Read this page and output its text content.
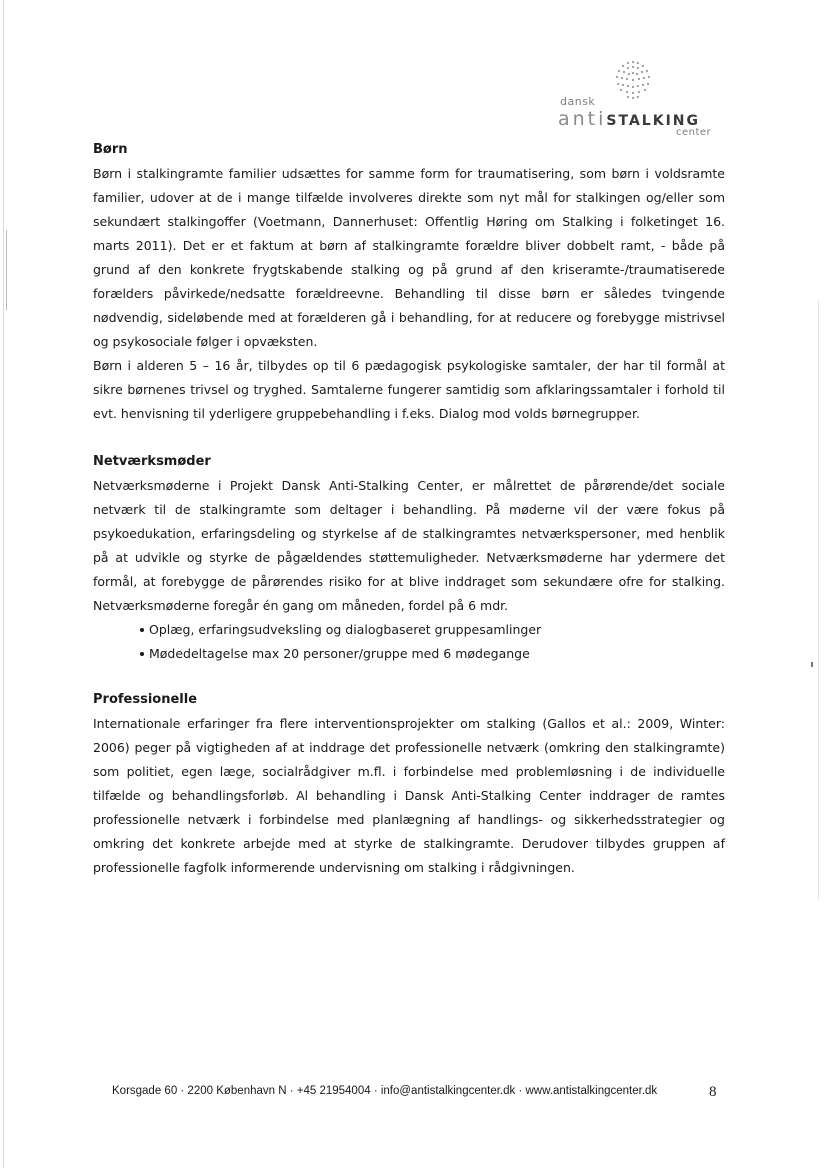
dansk
antiSTALKING
center
Børn

Børn i stalkingramte familier udsættes for samme form for traumatisering, som børn i voldsramte familier, udover at de i mange tilfælde involveres direkte som nyt mål for stalkingen og/eller som sekundært stalkingoffer (Voetmann, Dannerhuset: Offentlig Høring om Stalking i folketinget 16. marts 2011). Det er et faktum at børn af stalkingramte forældre bliver dobbelt ramt, - både på grund af den konkrete frygtskabende stalking og på grund af den kriseramte-/traumatiserede forælders påvirkede/nedsatte forældreevne. Behandling til disse børn er således tvingende nødvendig, sideløbende med at forælderen gå i behandling, for at reducere og forebygge mistrivsel og psykosociale følger i opvæksten.

Børn i alderen 5 – 16 år, tilbydes op til 6 pædagogisk psykologiske samtaler, der har til formål at sikre børnenes trivsel og tryghed. Samtalerne fungerer samtidig som afklaringssamtaler i forhold til evt. henvisning til yderligere gruppebehandling i f.eks. Dialog mod volds børnegrupper.

Netværksmøder

Netværksmøderne i Projekt Dansk Anti-Stalking Center, er målrettet de pårørende/det sociale netværk til de stalkingramte som deltager i behandling. På møderne vil der være fokus på psykoedukation, erfaringsdeling og styrkelse af de stalkingramtes netværkspersoner, med henblik på at udvikle og styrke de pågældendes støttemuligheder. Netværksmøderne har ydermere det formål, at forebygge de pårørendes risiko for at blive inddraget som sekundære ofre for stalking. Netværksmøderne foregår én gang om måneden, fordel på 6 mdr.

Oplæg, erfaringsudveksling og dialogbaseret gruppesamlinger
Mødedeltagelse max 20 personer/gruppe med 6 mødegange
Professionelle

Internationale erfaringer fra flere interventionsprojekter om stalking (Gallos et al.: 2009, Winter: 2006) peger på vigtigheden af at inddrage det professionelle netværk (omkring den stalkingramte) som politiet, egen læge, socialrådgiver m.fl. i forbindelse med problemløsning i de individuelle tilfælde og behandlingsforløb. Al behandling i Dansk Anti-Stalking Center inddrager de ramtes professionelle netværk i forbindelse med planlægning af handlings- og sikkerhedsstrategier og omkring det konkrete arbejde med at styrke de stalkingramte. Derudover tilbydes gruppen af professionelle fagfolk informerende undervisning om stalking i rådgivningen.

Korsgade 60 · 2200 København N · +45 21954004 · info@antistalkingcenter.dk · www.antistalkingcenter.dk	8
